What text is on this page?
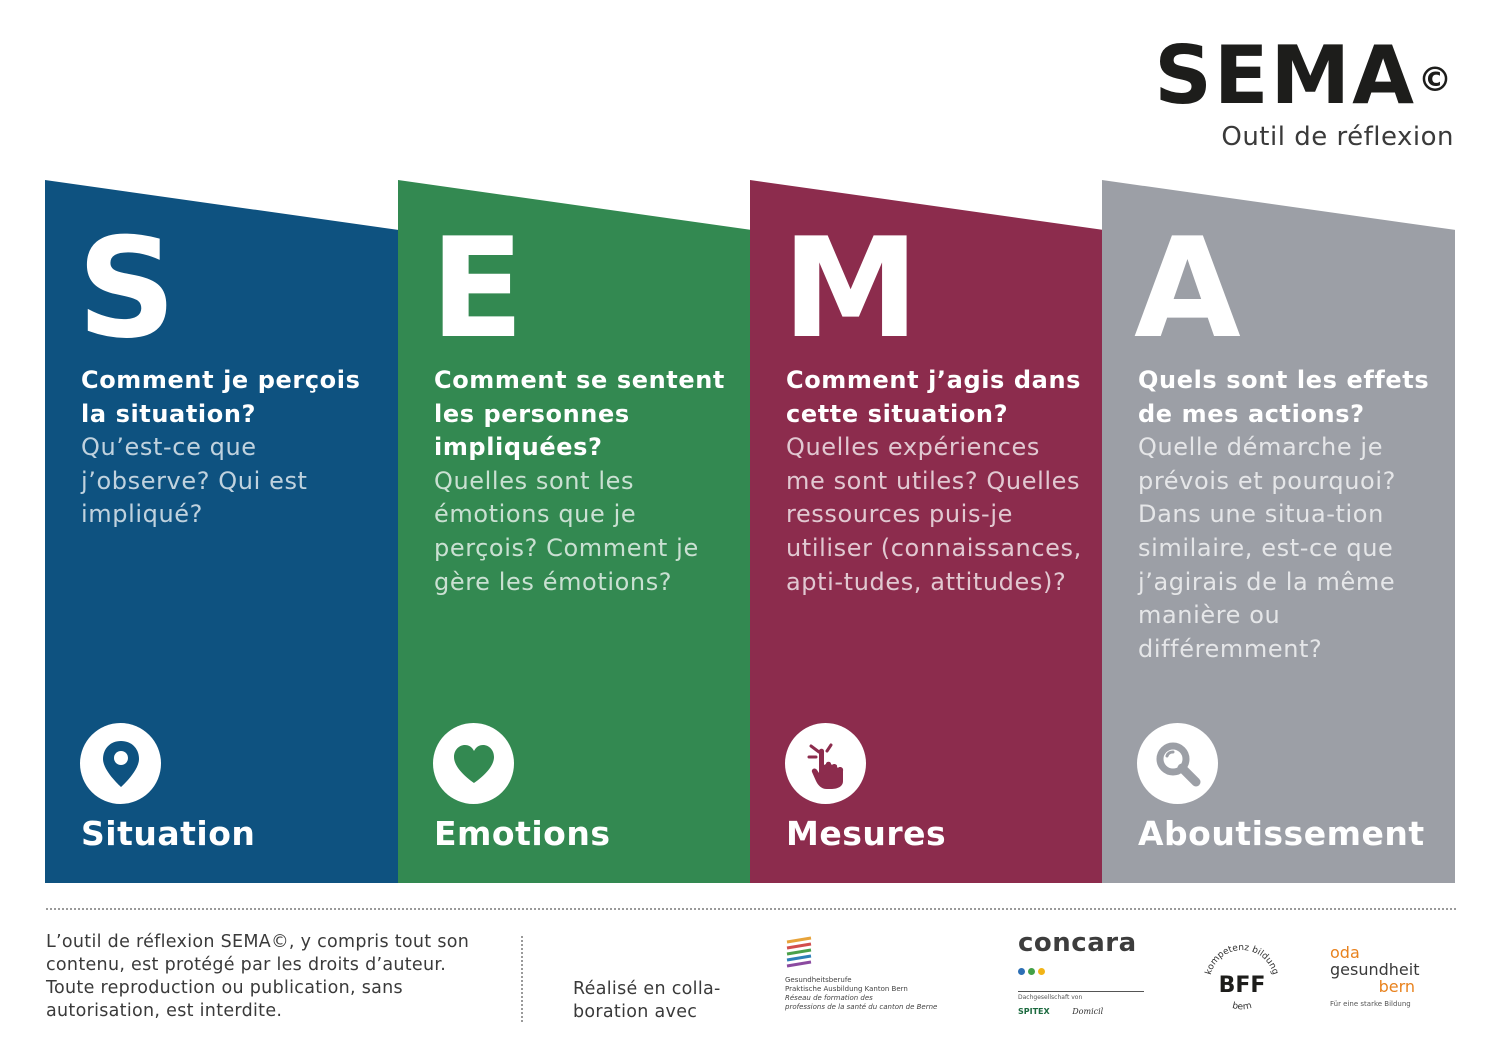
SEMA©
Outil de réflexion
S
Comment je perçois la situation?
Qu’est-ce que j’observe? Qui est impliqué?
Situation
E
Comment se sentent les personnes impliquées?
Quelles sont les émotions que je perçois? Comment je gère les émotions?
Emotions
M
Comment j’agis dans cette situation?
Quelles expériences me sont utiles? Quelles ressources puis-je utiliser (connaissances, apti-tudes, attitudes)?
Mesures
A
Quels sont les effets de mes actions?
Quelle démarche je prévois et pourquoi? Dans une situa-tion similaire, est-ce que j’agirais de la même manière ou différemment?
Aboutissement
L’outil de réflexion SEMA©, y compris tout son contenu, est protégé par les droits d’auteur. Toute reproduction ou publication, sans autorisation, est interdite.
Réalisé en colla-boration avec
Gesundheitsberufe
Praktische Ausbildung Kanton Bern
Réseau de formation des
professions de la santé du canton de Berne
concara
Dachgesellschaft von
SPITEX	Domicil
kompetenz bildung
bern
BFF
oda
gesundheit
bern
Für eine starke Bildung
